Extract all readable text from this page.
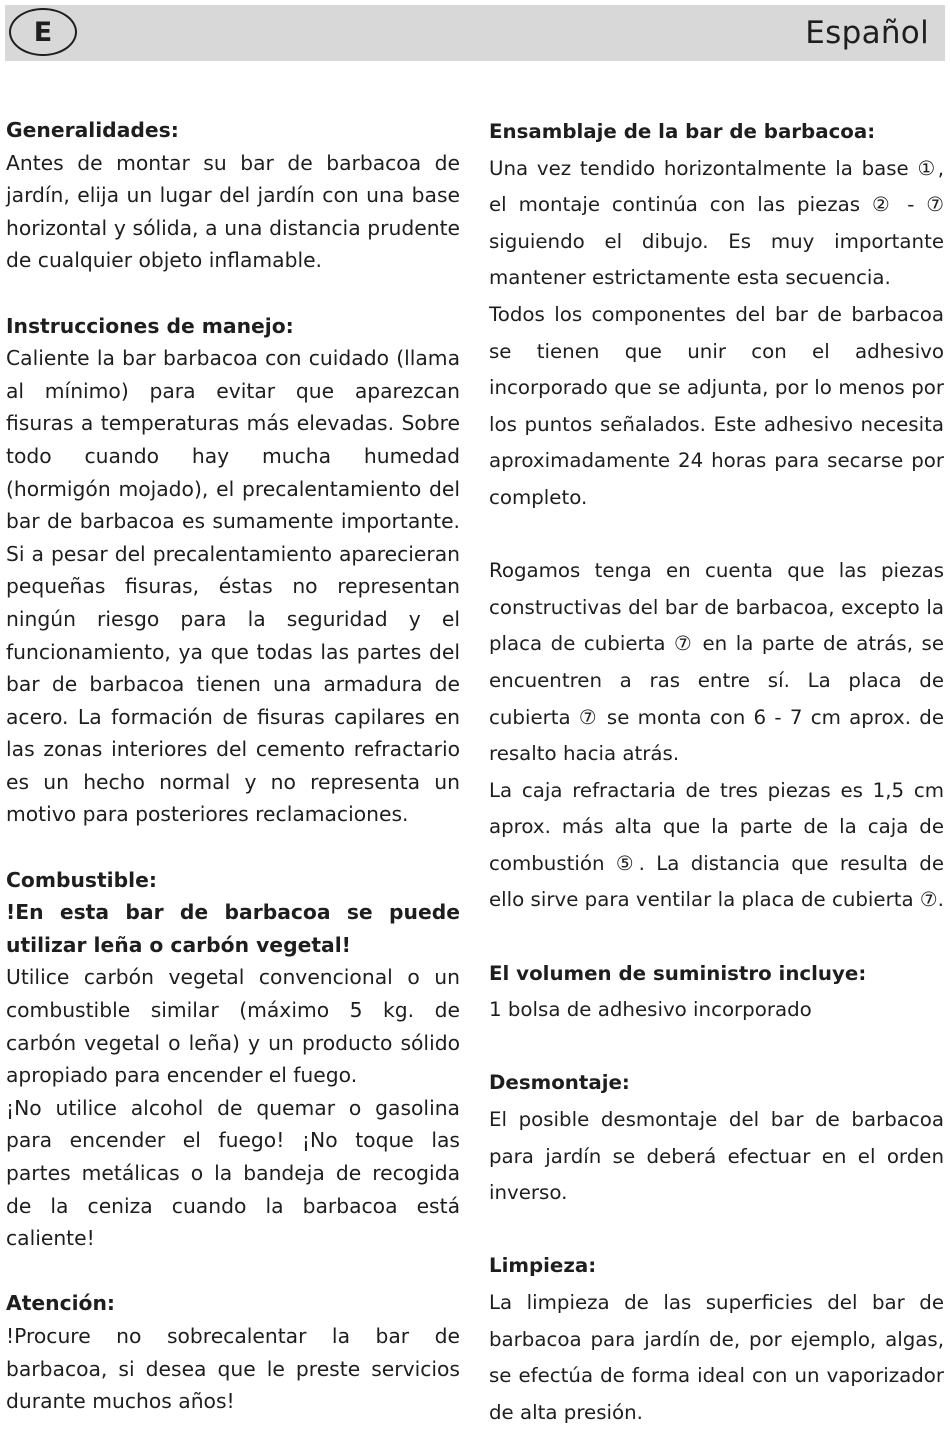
E	Español
Generalidades:
Antes de montar su bar de barbacoa de jardín, elija un lugar del jardín con una base horizontal y sólida, a una distancia prudente de cualquier objeto inflamable.
Instrucciones de manejo:
Caliente la bar barbacoa con cuidado (llama al mínimo) para evitar que aparezcan fisuras a temperaturas más elevadas. Sobre todo cuando hay mucha humedad (hormigón mojado), el precalentamiento del bar de barbacoa es sumamente importante. Si a pesar del precalentamiento aparecieran pequeñas fisuras, éstas no representan ningún riesgo para la seguridad y el funcionamiento, ya que todas las partes del bar de barbacoa tienen una armadura de acero. La formación de fisuras capilares en las zonas interiores del cemento refractario es un hecho normal y no representa un motivo para posteriores reclamaciones.
Combustible:
!En esta bar de barbacoa se puede utilizar leña o carbón vegetal!
Utilice carbón vegetal convencional o un combustible similar (máximo 5 kg. de carbón vegetal o leña) y un producto sólido apropiado para encender el fuego.
¡No utilice alcohol de quemar o gasolina para encender el fuego! ¡No toque las partes metálicas o la bandeja de recogida de la ceniza cuando la barbacoa está caliente!
Atención:
!Procure no sobrecalentar la bar de barbacoa, si desea que le preste servicios durante muchos años!
Ensamblaje de la bar de barbacoa:
Una vez tendido horizontalmente la base ①, el montaje continúa con las piezas ② - ⑦ siguiendo el dibujo. Es muy importante mantener estrictamente esta secuencia.
Todos los componentes del bar de barbacoa se tienen que unir con el adhesivo incorporado que se adjunta, por lo menos por los puntos señalados. Este adhesivo necesita aproximadamente 24 horas para secarse por completo.
Rogamos tenga en cuenta que las piezas constructivas del bar de barbacoa, excepto la placa de cubierta ⑦ en la parte de atrás, se encuentren a ras entre sí. La placa de cubierta ⑦ se monta con 6 - 7 cm aprox. de resalto hacia atrás.
La caja refractaria de tres piezas es 1,5 cm aprox. más alta que la parte de la caja de combustión ⑤. La distancia que resulta de ello sirve para ventilar la placa de cubierta ⑦.
El volumen de suministro incluye:
1 bolsa de adhesivo incorporado
Desmontaje:
El posible desmontaje del bar de barbacoa para jardín se deberá efectuar en el orden inverso.
Limpieza:
La limpieza de las superficies del bar de barbacoa para jardín de, por ejemplo, algas, se efectúa de forma ideal con un vaporizador de alta presión.
